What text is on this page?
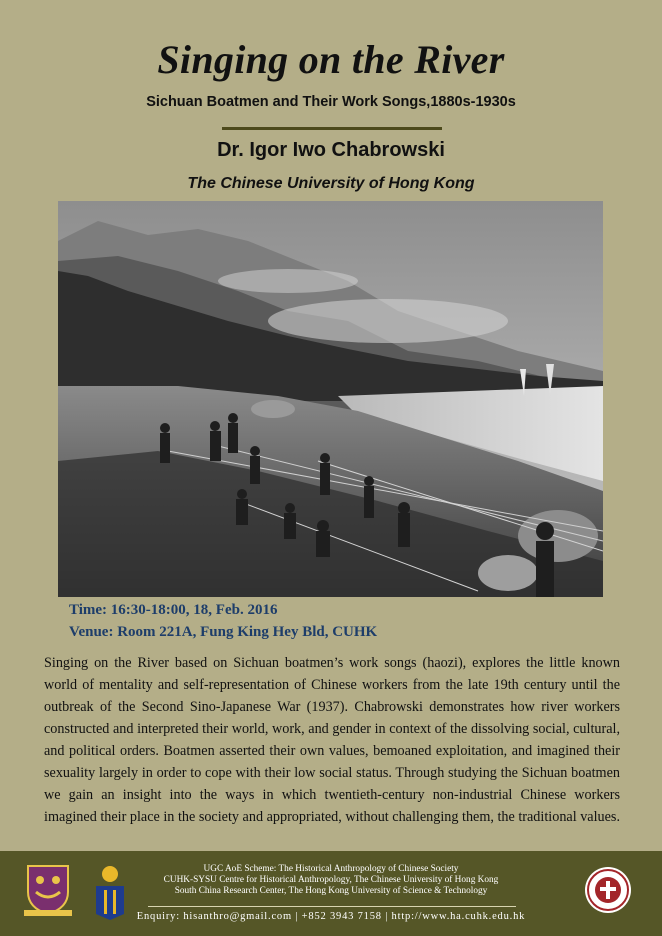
Singing on the River
Sichuan Boatmen and Their Work Songs,1880s-1930s
Dr. Igor Iwo Chabrowski
The Chinese University of Hong Kong
Time: 16:30-18:00, 18, Feb. 2016
Venue: Room 221A, Fung King Hey Bld, CUHK
Singing on the River based on Sichuan boatmen’s work songs (haozi), explores the little known world of mentality and self-representation of Chinese workers from the late 19th century until the outbreak of the Second Sino-Japanese War (1937). Chabrowski demonstrates how river workers constructed and interpreted their world, work, and gender in context of the dissolving social, cultural, and political orders. Boatmen asserted their own values, bemoaned exploitation, and imagined their sexuality largely in order to cope with their low social status. Through studying the Sichuan boatmen we gain an insight into the ways in which twentieth-century non-industrial Chinese workers imagined their place in the society and appropriated, without challenging them, the traditional values.
UGC AoE Scheme: The Historical Anthropology of Chinese Society
CUHK-SYSU Centre for Historical Anthropology, The Chinese University of Hong Kong
South China Research Center, The Hong Kong University of Science & Technology
Enquiry: hisanthro@gmail.com | +852 3943 7158 | http://www.ha.cuhk.edu.hk
